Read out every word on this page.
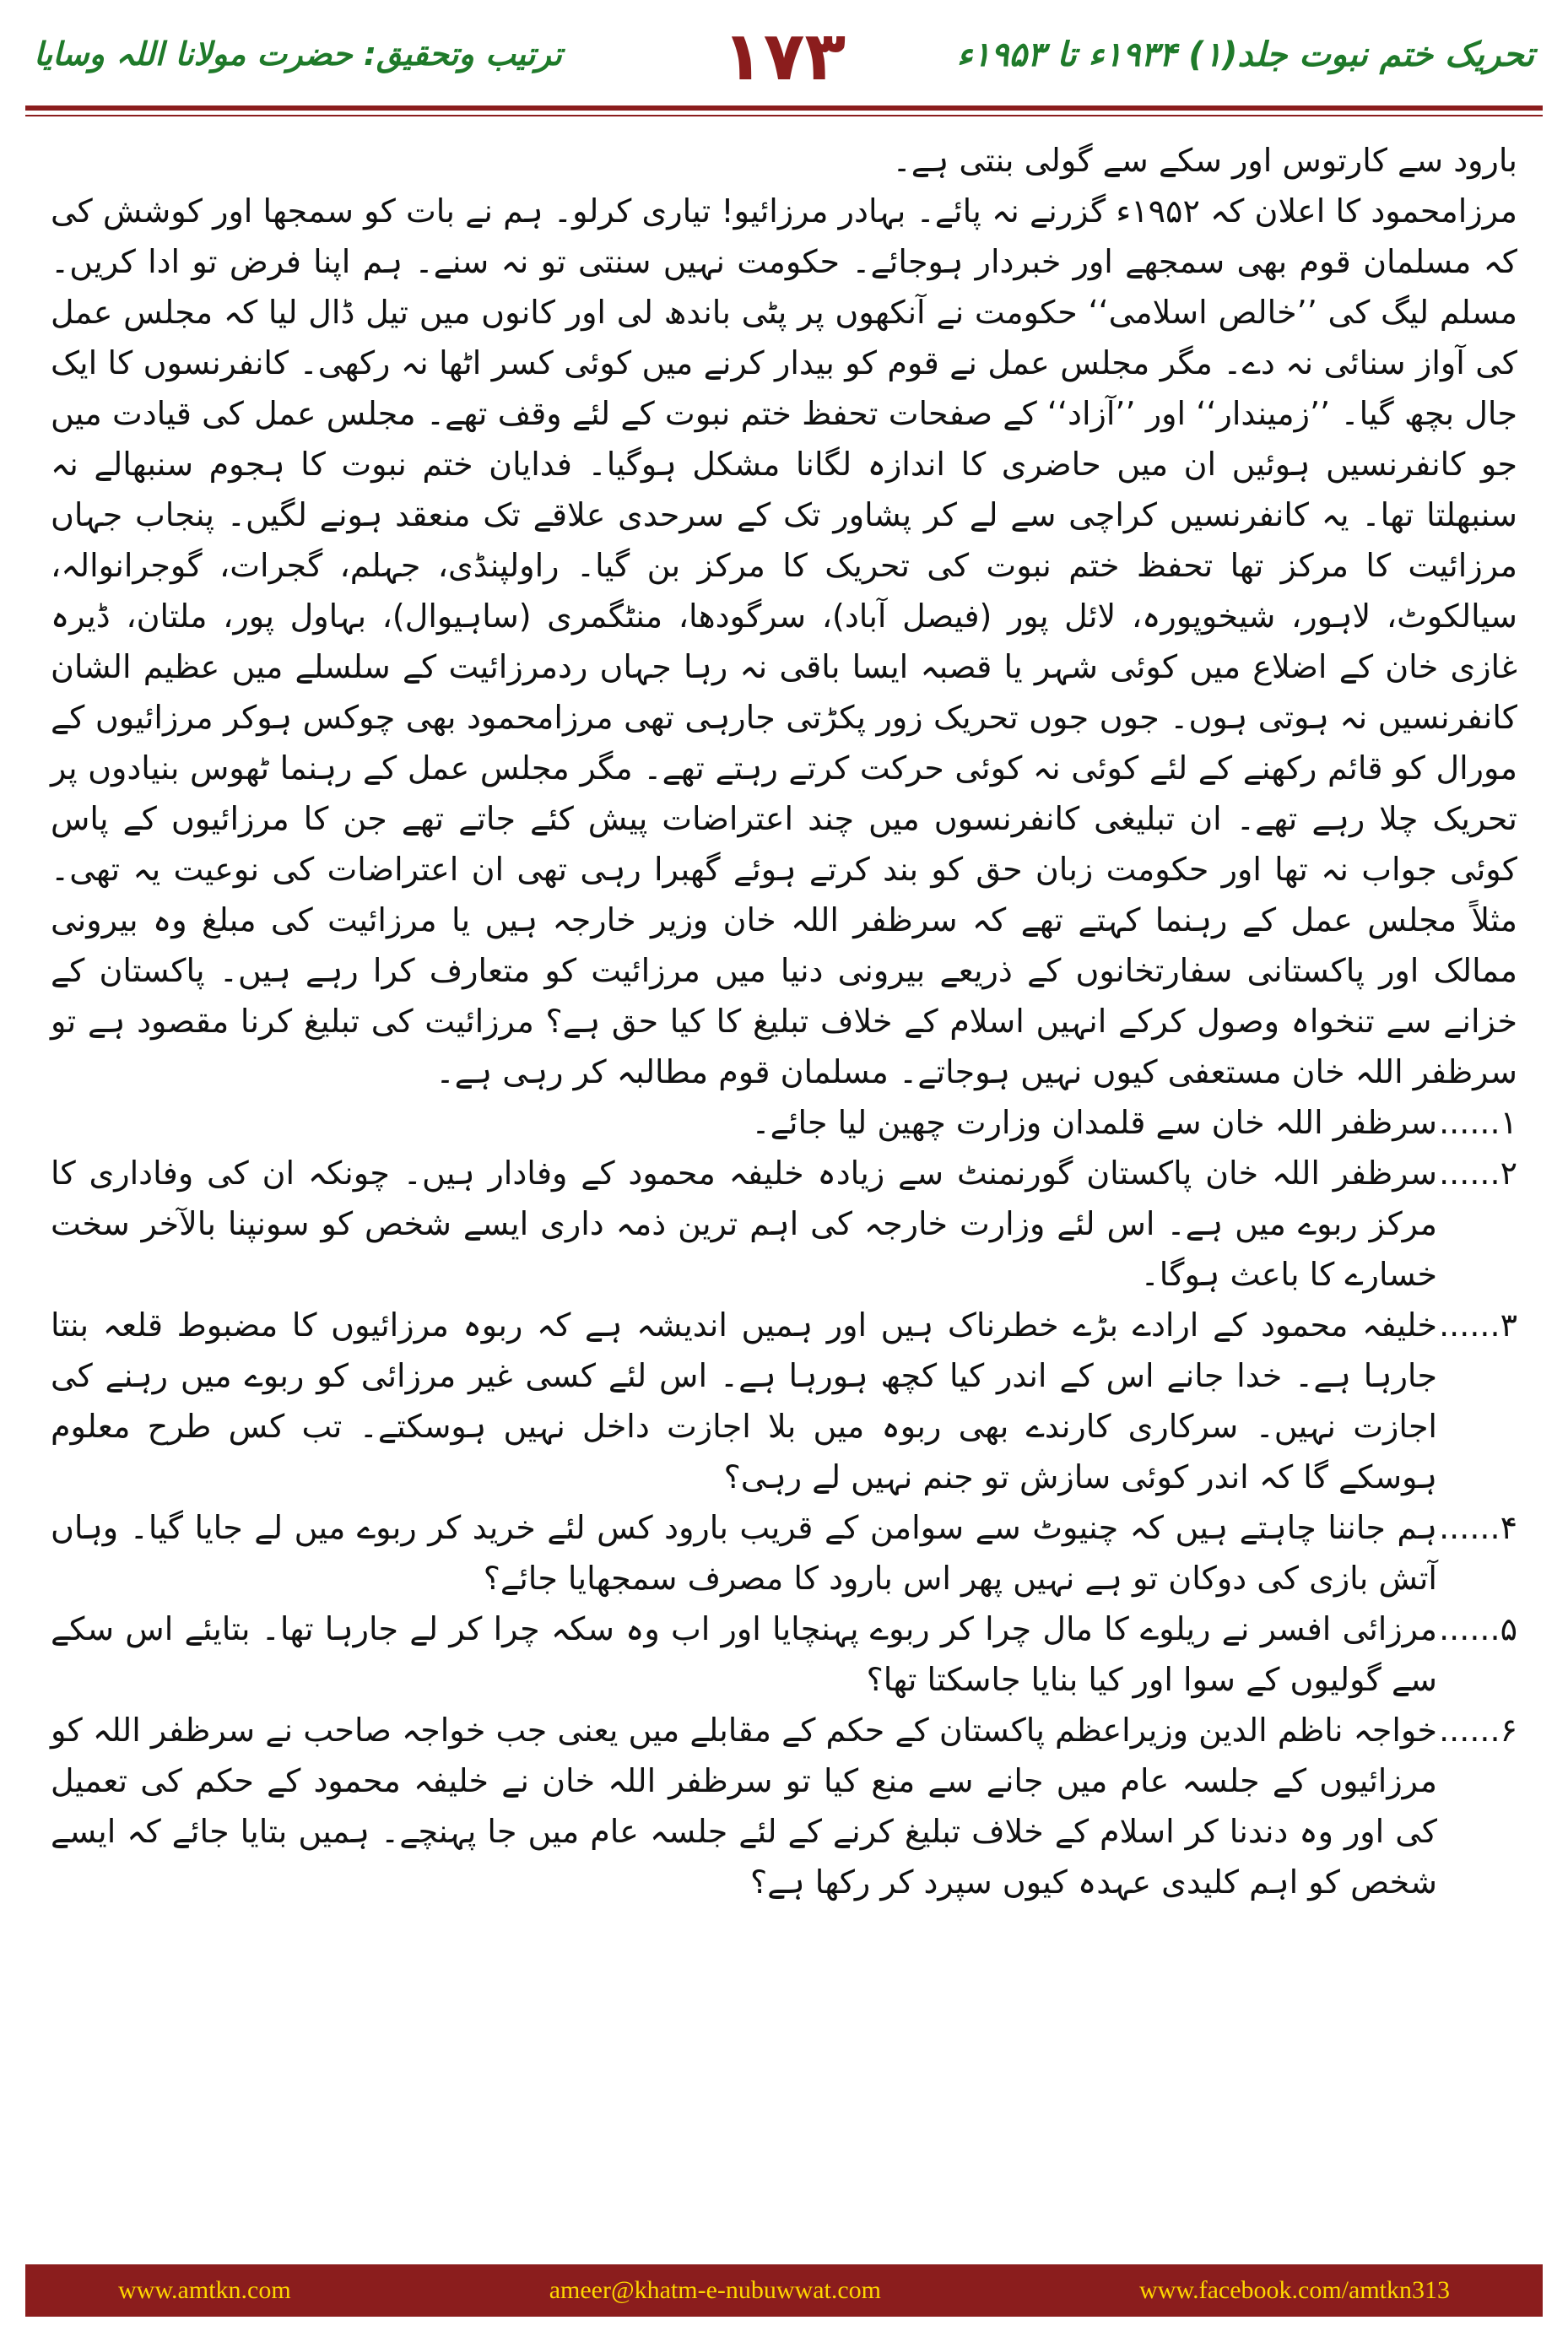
تحریک ختم نبوت جلد(۱) ۱۹۳۴ء تا ۱۹۵۳ء
۱۷۳
ترتیب وتحقیق: حضرت مولانا اللہ وسایا

بارود سے کارتوس اور سکے سے گولی بنتی ہے۔

مرزامحمود کا اعلان کہ ۱۹۵۲ء گزرنے نہ پائے۔ بہادر مرزائیو! تیاری کرلو۔ ہم نے بات کو سمجھا اور کوشش کی کہ مسلمان قوم بھی سمجھے اور خبردار ہوجائے۔ حکومت نہیں سنتی تو نہ سنے۔ ہم اپنا فرض تو ادا کریں۔ مسلم لیگ کی ’’خالص اسلامی‘‘ حکومت نے آنکھوں پر پٹی باندھ لی اور کانوں میں تیل ڈال لیا کہ مجلس عمل کی آواز سنائی نہ دے۔ مگر مجلس عمل نے قوم کو بیدار کرنے میں کوئی کسر اٹھا نہ رکھی۔ کانفرنسوں کا ایک جال بچھ گیا۔ ’’زمیندار‘‘ اور ’’آزاد‘‘ کے صفحات تحفظ ختم نبوت کے لئے وقف تھے۔ مجلس عمل کی قیادت میں جو کانفرنسیں ہوئیں ان میں حاضری کا اندازہ لگانا مشکل ہوگیا۔ فدایان ختم نبوت کا ہجوم سنبھالے نہ سنبھلتا تھا۔ یہ کانفرنسیں کراچی سے لے کر پشاور تک کے سرحدی علاقے تک منعقد ہونے لگیں۔ پنجاب جہاں مرزائیت کا مرکز تھا تحفظ ختم نبوت کی تحریک کا مرکز بن گیا۔ راولپنڈی، جہلم، گجرات، گوجرانوالہ، سیالکوٹ، لاہور، شیخوپورہ، لائل پور (فیصل آباد)، سرگودھا، منٹگمری (ساہیوال)، بہاول پور، ملتان، ڈیرہ غازی خان کے اضلاع میں کوئی شہر یا قصبہ ایسا باقی نہ رہا جہاں ردمرزائیت کے سلسلے میں عظیم الشان کانفرنسیں نہ ہوتی ہوں۔ جوں جوں تحریک زور پکڑتی جارہی تھی مرزامحمود بھی چوکس ہوکر مرزائیوں کے مورال کو قائم رکھنے کے لئے کوئی نہ کوئی حرکت کرتے رہتے تھے۔ مگر مجلس عمل کے رہنما ٹھوس بنیادوں پر تحریک چلا رہے تھے۔ ان تبلیغی کانفرنسوں میں چند اعتراضات پیش کئے جاتے تھے جن کا مرزائیوں کے پاس کوئی جواب نہ تھا اور حکومت زبان حق کو بند کرتے ہوئے گھبرا رہی تھی ان اعتراضات کی نوعیت یہ تھی۔ مثلاً مجلس عمل کے رہنما کہتے تھے کہ سرظفر اللہ خان وزیر خارجہ ہیں یا مرزائیت کی مبلغ وہ بیرونی ممالک اور پاکستانی سفارتخانوں کے ذریعے بیرونی دنیا میں مرزائیت کو متعارف کرا رہے ہیں۔ پاکستان کے خزانے سے تنخواہ وصول کرکے انہیں اسلام کے خلاف تبلیغ کا کیا حق ہے؟ مرزائیت کی تبلیغ کرنا مقصود ہے تو سرظفر اللہ خان مستعفی کیوں نہیں ہوجاتے۔ مسلمان قوم مطالبہ کر رہی ہے۔

۱......
سرظفر اللہ خان سے قلمدان وزارت چھین لیا جائے۔
۲......
سرظفر اللہ خان پاکستان گورنمنٹ سے زیادہ خلیفہ محمود کے وفادار ہیں۔ چونکہ ان کی وفاداری کا مرکز ربوے میں ہے۔ اس لئے وزارت خارجہ کی اہم ترین ذمہ داری ایسے شخص کو سونپنا بالآخر سخت خسارے کا باعث ہوگا۔
۳......
خلیفہ محمود کے ارادے بڑے خطرناک ہیں اور ہمیں اندیشہ ہے کہ ربوہ مرزائیوں کا مضبوط قلعہ بنتا جارہا ہے۔ خدا جانے اس کے اندر کیا کچھ ہورہا ہے۔ اس لئے کسی غیر مرزائی کو ربوے میں رہنے کی اجازت نہیں۔ سرکاری کارندے بھی ربوہ میں بلا اجازت داخل نہیں ہوسکتے۔ تب کس طرح معلوم ہوسکے گا کہ اندر کوئی سازش تو جنم نہیں لے رہی؟
۴......
ہم جاننا چاہتے ہیں کہ چنیوٹ سے سوامن کے قریب بارود کس لئے خرید کر ربوے میں لے جایا گیا۔ وہاں آتش بازی کی دوکان تو ہے نہیں پھر اس بارود کا مصرف سمجھایا جائے؟
۵......
مرزائی افسر نے ریلوے کا مال چرا کر ربوے پہنچایا اور اب وہ سکہ چرا کر لے جارہا تھا۔ بتایئے اس سکے سے گولیوں کے سوا اور کیا بنایا جاسکتا تھا؟
۶......
خواجہ ناظم الدین وزیراعظم پاکستان کے حکم کے مقابلے میں یعنی جب خواجہ صاحب نے سرظفر اللہ کو مرزائیوں کے جلسہ عام میں جانے سے منع کیا تو سرظفر اللہ خان نے خلیفہ محمود کے حکم کی تعمیل کی اور وہ دندنا کر اسلام کے خلاف تبلیغ کرنے کے لئے جلسہ عام میں جا پہنچے۔ ہمیں بتایا جائے کہ ایسے شخص کو اہم کلیدی عہدہ کیوں سپرد کر رکھا ہے؟
www.amtkn.com	ameer@khatm-e-nubuwwat.com	www.facebook.com/amtkn313
